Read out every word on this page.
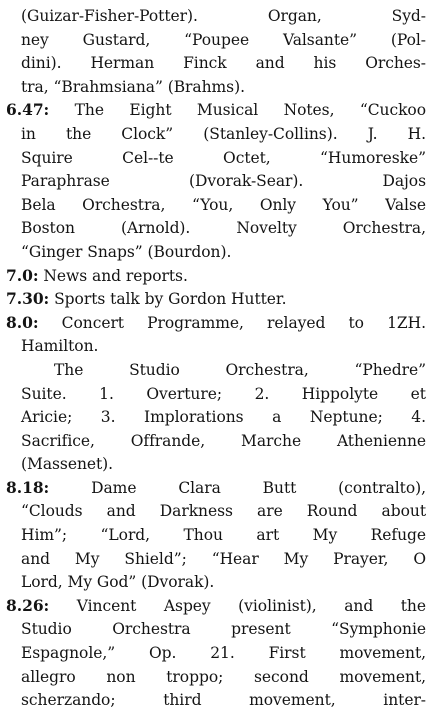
(Guizar-Fisher-Potter). Organ, Syd-
ney Gustard, “Poupee Valsante” (Pol-
dini). Herman Finck and his Orches-
tra, “Brahmsiana” (Brahms).
6.47: The Eight Musical Notes, “Cuckoo
in the Clock” (Stanley-Collins). J. H.
Squire Cel--te Octet, “Humoreske”
Paraphrase (Dvorak-Sear). Dajos
Bela Orchestra, “You, Only You” Valse
Boston (Arnold). Novelty Orchestra,
“Ginger Snaps” (Bourdon).
7.0: News and reports.
7.30: Sports talk by Gordon Hutter.
8.0: Concert Programme, relayed to 1ZH.
Hamilton.
The Studio Orchestra, “Phedre”
Suite. 1. Overture; 2. Hippolyte et
Aricie; 3. Implorations a Neptune; 4.
Sacrifice, Offrande, Marche Athenienne
(Massenet).
8.18: Dame Clara Butt (contralto),
“Clouds and Darkness are Round about
Him”; “Lord, Thou art My Refuge
and My Shield”; “Hear My Prayer, O
Lord, My God” (Dvorak).
8.26: Vincent Aspey (violinist), and the
Studio Orchestra present “Symphonie
Espagnole,” Op. 21. First movement,
allegro non troppo; second movement,
scherzando; third movement, inter-
